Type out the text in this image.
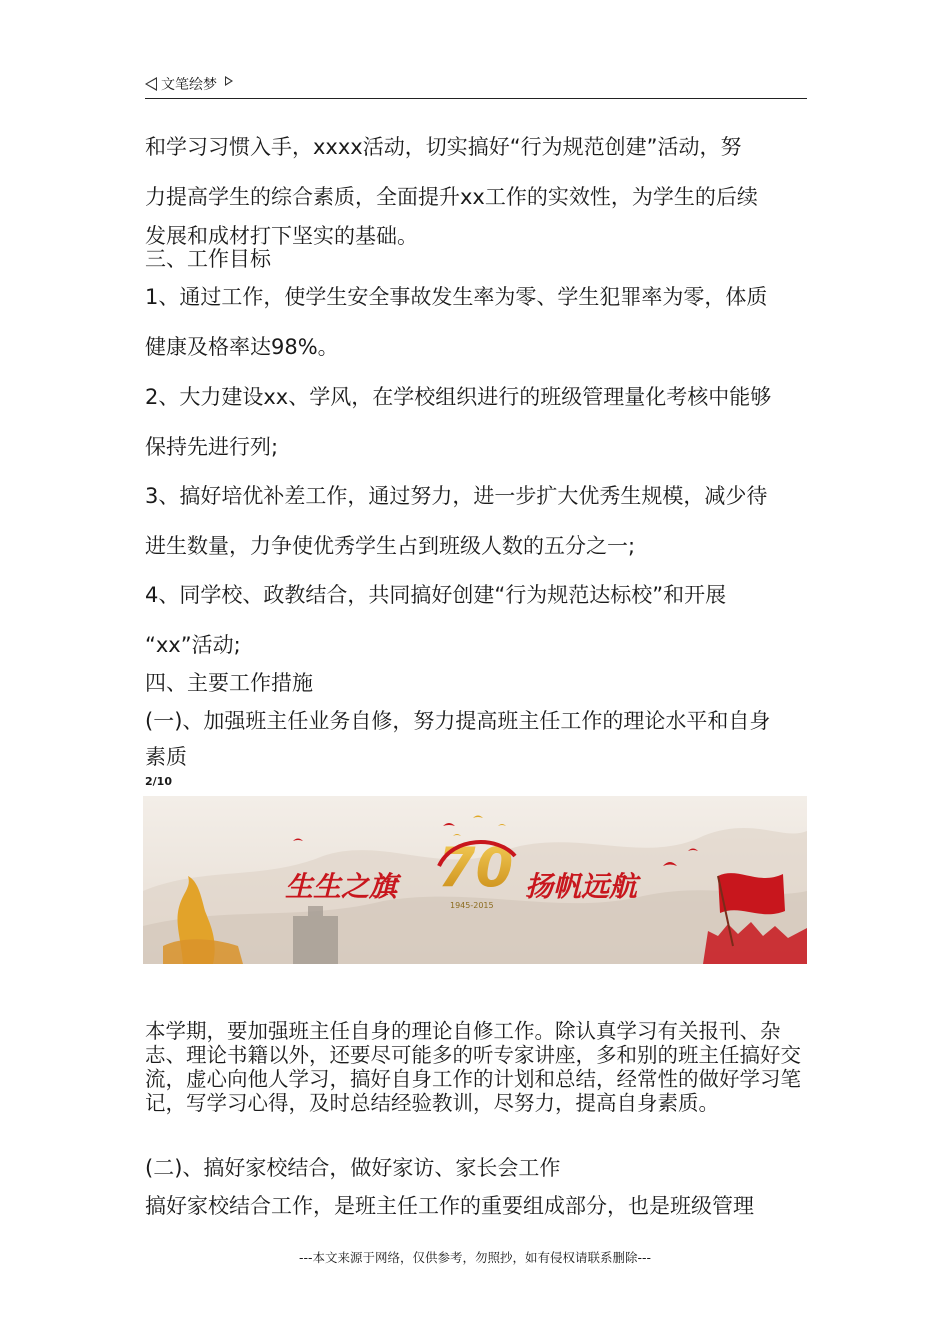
文笔绘梦
和学习习惯入手，xxxx活动，切实搞好“行为规范创建”活动，努
力提高学生的综合素质，全面提升xx工作的实效性，为学生的后续
发展和成材打下坚实的基础。
三、工作目标
1、通过工作，使学生安全事故发生率为零、学生犯罪率为零，体质
健康及格率达98%。
2、大力建设xx、学风，在学校组织进行的班级管理量化考核中能够
保持先进行列;
3、搞好培优补差工作，通过努力，进一步扩大优秀生规模，减少待
进生数量，力争使优秀学生占到班级人数的五分之一;
4、同学校、政教结合，共同搞好创建“行为规范达标校”和开展
“xx”活动;
四、主要工作措施
(一)、加强班主任业务自修，努力提高班主任工作的理论水平和自身
素质
2/10
生生之旗 70
1945-2015
扬帆远航
本学期，要加强班主任自身的理论自修工作。除认真学习有关报刊、杂志、理论书籍以外，还要尽可能多的听专家讲座，多和别的班主任搞好交流，虚心向他人学习，搞好自身工作的计划和总结，经常性的做好学习笔记，写学习心得，及时总结经验教训，尽努力，提高自身素质。
(二)、搞好家校结合，做好家访、家长会工作
搞好家校结合工作，是班主任工作的重要组成部分，也是班级管理
---本文来源于网络，仅供参考，勿照抄，如有侵权请联系删除---
